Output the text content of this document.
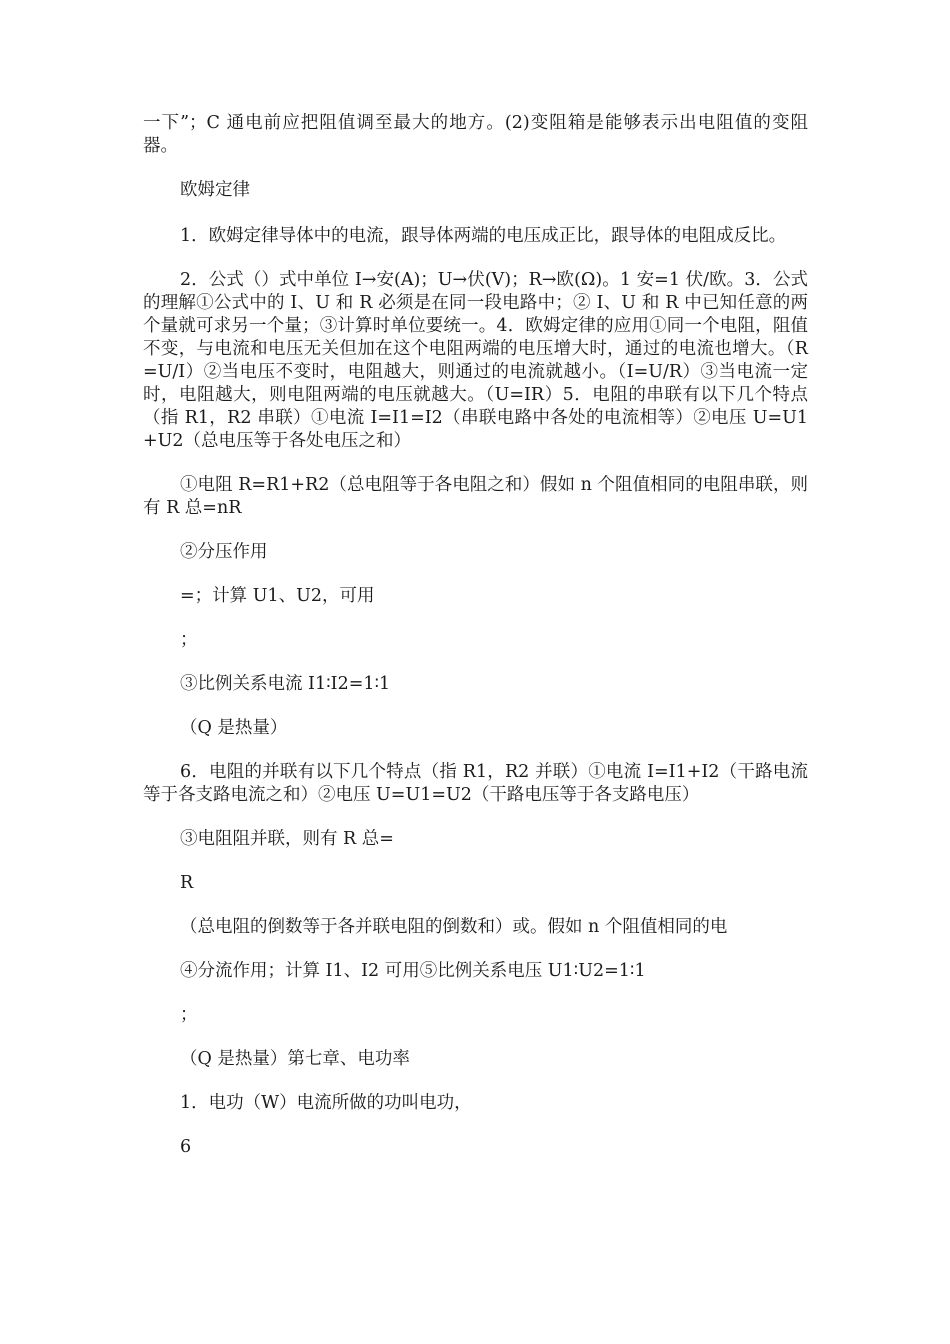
一下”；C 通电前应把阻值调至最大的地方。(2)变阻箱是能够表示出电阻值的变阻器。

欧姆定律

1．欧姆定律导体中的电流，跟导体两端的电压成正比，跟导体的电阻成反比。

2．公式（）式中单位 I→安(A)；U→伏(V)；R→欧(Ω)。1 安=1 伏/欧。3．公式的理解①公式中的 I、U 和 R 必须是在同一段电路中；② I、U 和 R 中已知任意的两个量就可求另一个量；③计算时单位要统一。4．欧姆定律的应用①同一个电阻，阻值不变，与电流和电压无关但加在这个电阻两端的电压增大时，通过的电流也增大。（R=U/I）②当电压不变时，电阻越大，则通过的电流就越小。（I=U/R）③当电流一定时，电阻越大，则电阻两端的电压就越大。（U=IR）5．电阻的串联有以下几个特点（指 R1，R2 串联）①电流 I=I1=I2（串联电路中各处的电流相等）②电压 U=U1+U2（总电压等于各处电压之和）

①电阻 R=R1+R2（总电阻等于各电阻之和）假如 n 个阻值相同的电阻串联，则有 R 总=nR

②分压作用

=；计算 U1、U2，可用

；

③比例关系电流 I1∶I2=1∶1

（Q 是热量）

6．电阻的并联有以下几个特点（指 R1，R2 并联）①电流 I=I1+I2（干路电流等于各支路电流之和）②电压 U=U1=U2（干路电压等于各支路电压）

③电阻阻并联，则有 R 总=

R

（总电阻的倒数等于各并联电阻的倒数和）或。假如 n 个阻值相同的电

④分流作用；计算 I1、I2 可用⑤比例关系电压 U1∶U2=1∶1

；

（Q 是热量）第七章、电功率

1．电功（W）电流所做的功叫电功，

6
